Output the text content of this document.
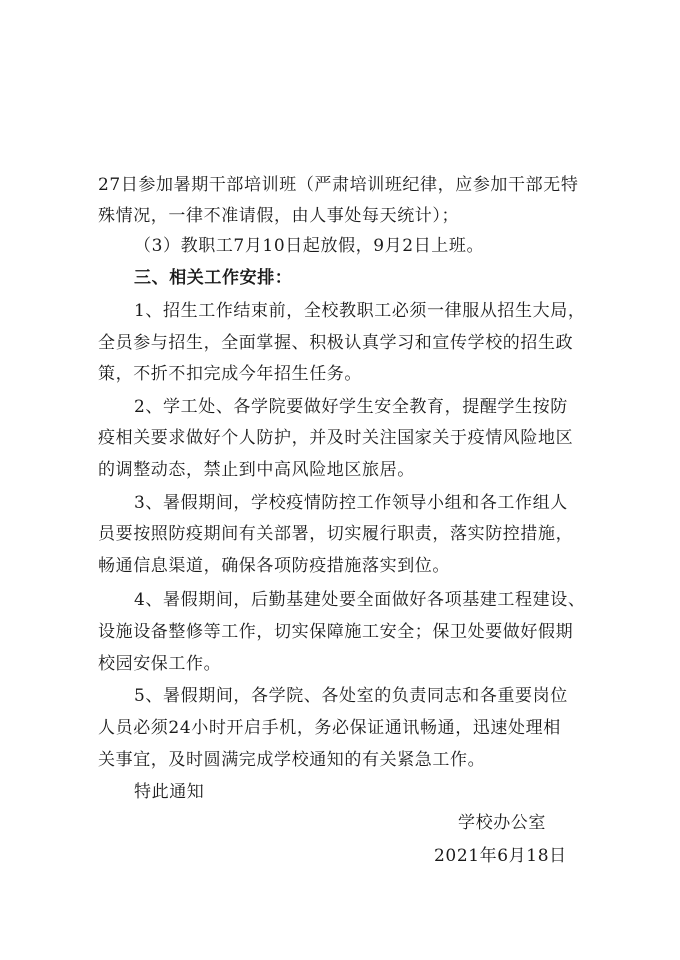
27日参加暑期干部培训班（严肃培训班纪律，应参加干部无特
殊情况，一律不准请假，由人事处每天统计）；
（3）教职工7月10日起放假，9月2日上班。
三、相关工作安排：
1、招生工作结束前，全校教职工必须一律服从招生大局，
全员参与招生，全面掌握、积极认真学习和宣传学校的招生政
策，不折不扣完成今年招生任务。
2、学工处、各学院要做好学生安全教育，提醒学生按防
疫相关要求做好个人防护，并及时关注国家关于疫情风险地区
的调整动态，禁止到中高风险地区旅居。
3、暑假期间，学校疫情防控工作领导小组和各工作组人
员要按照防疫期间有关部署，切实履行职责，落实防控措施，
畅通信息渠道，确保各项防疫措施落实到位。
4、暑假期间，后勤基建处要全面做好各项基建工程建设、
设施设备整修等工作，切实保障施工安全；保卫处要做好假期
校园安保工作。
5、暑假期间，各学院、各处室的负责同志和各重要岗位
人员必须24小时开启手机，务必保证通讯畅通，迅速处理相
关事宜，及时圆满完成学校通知的有关紧急工作。
特此通知
学校办公室
2021年6月18日
